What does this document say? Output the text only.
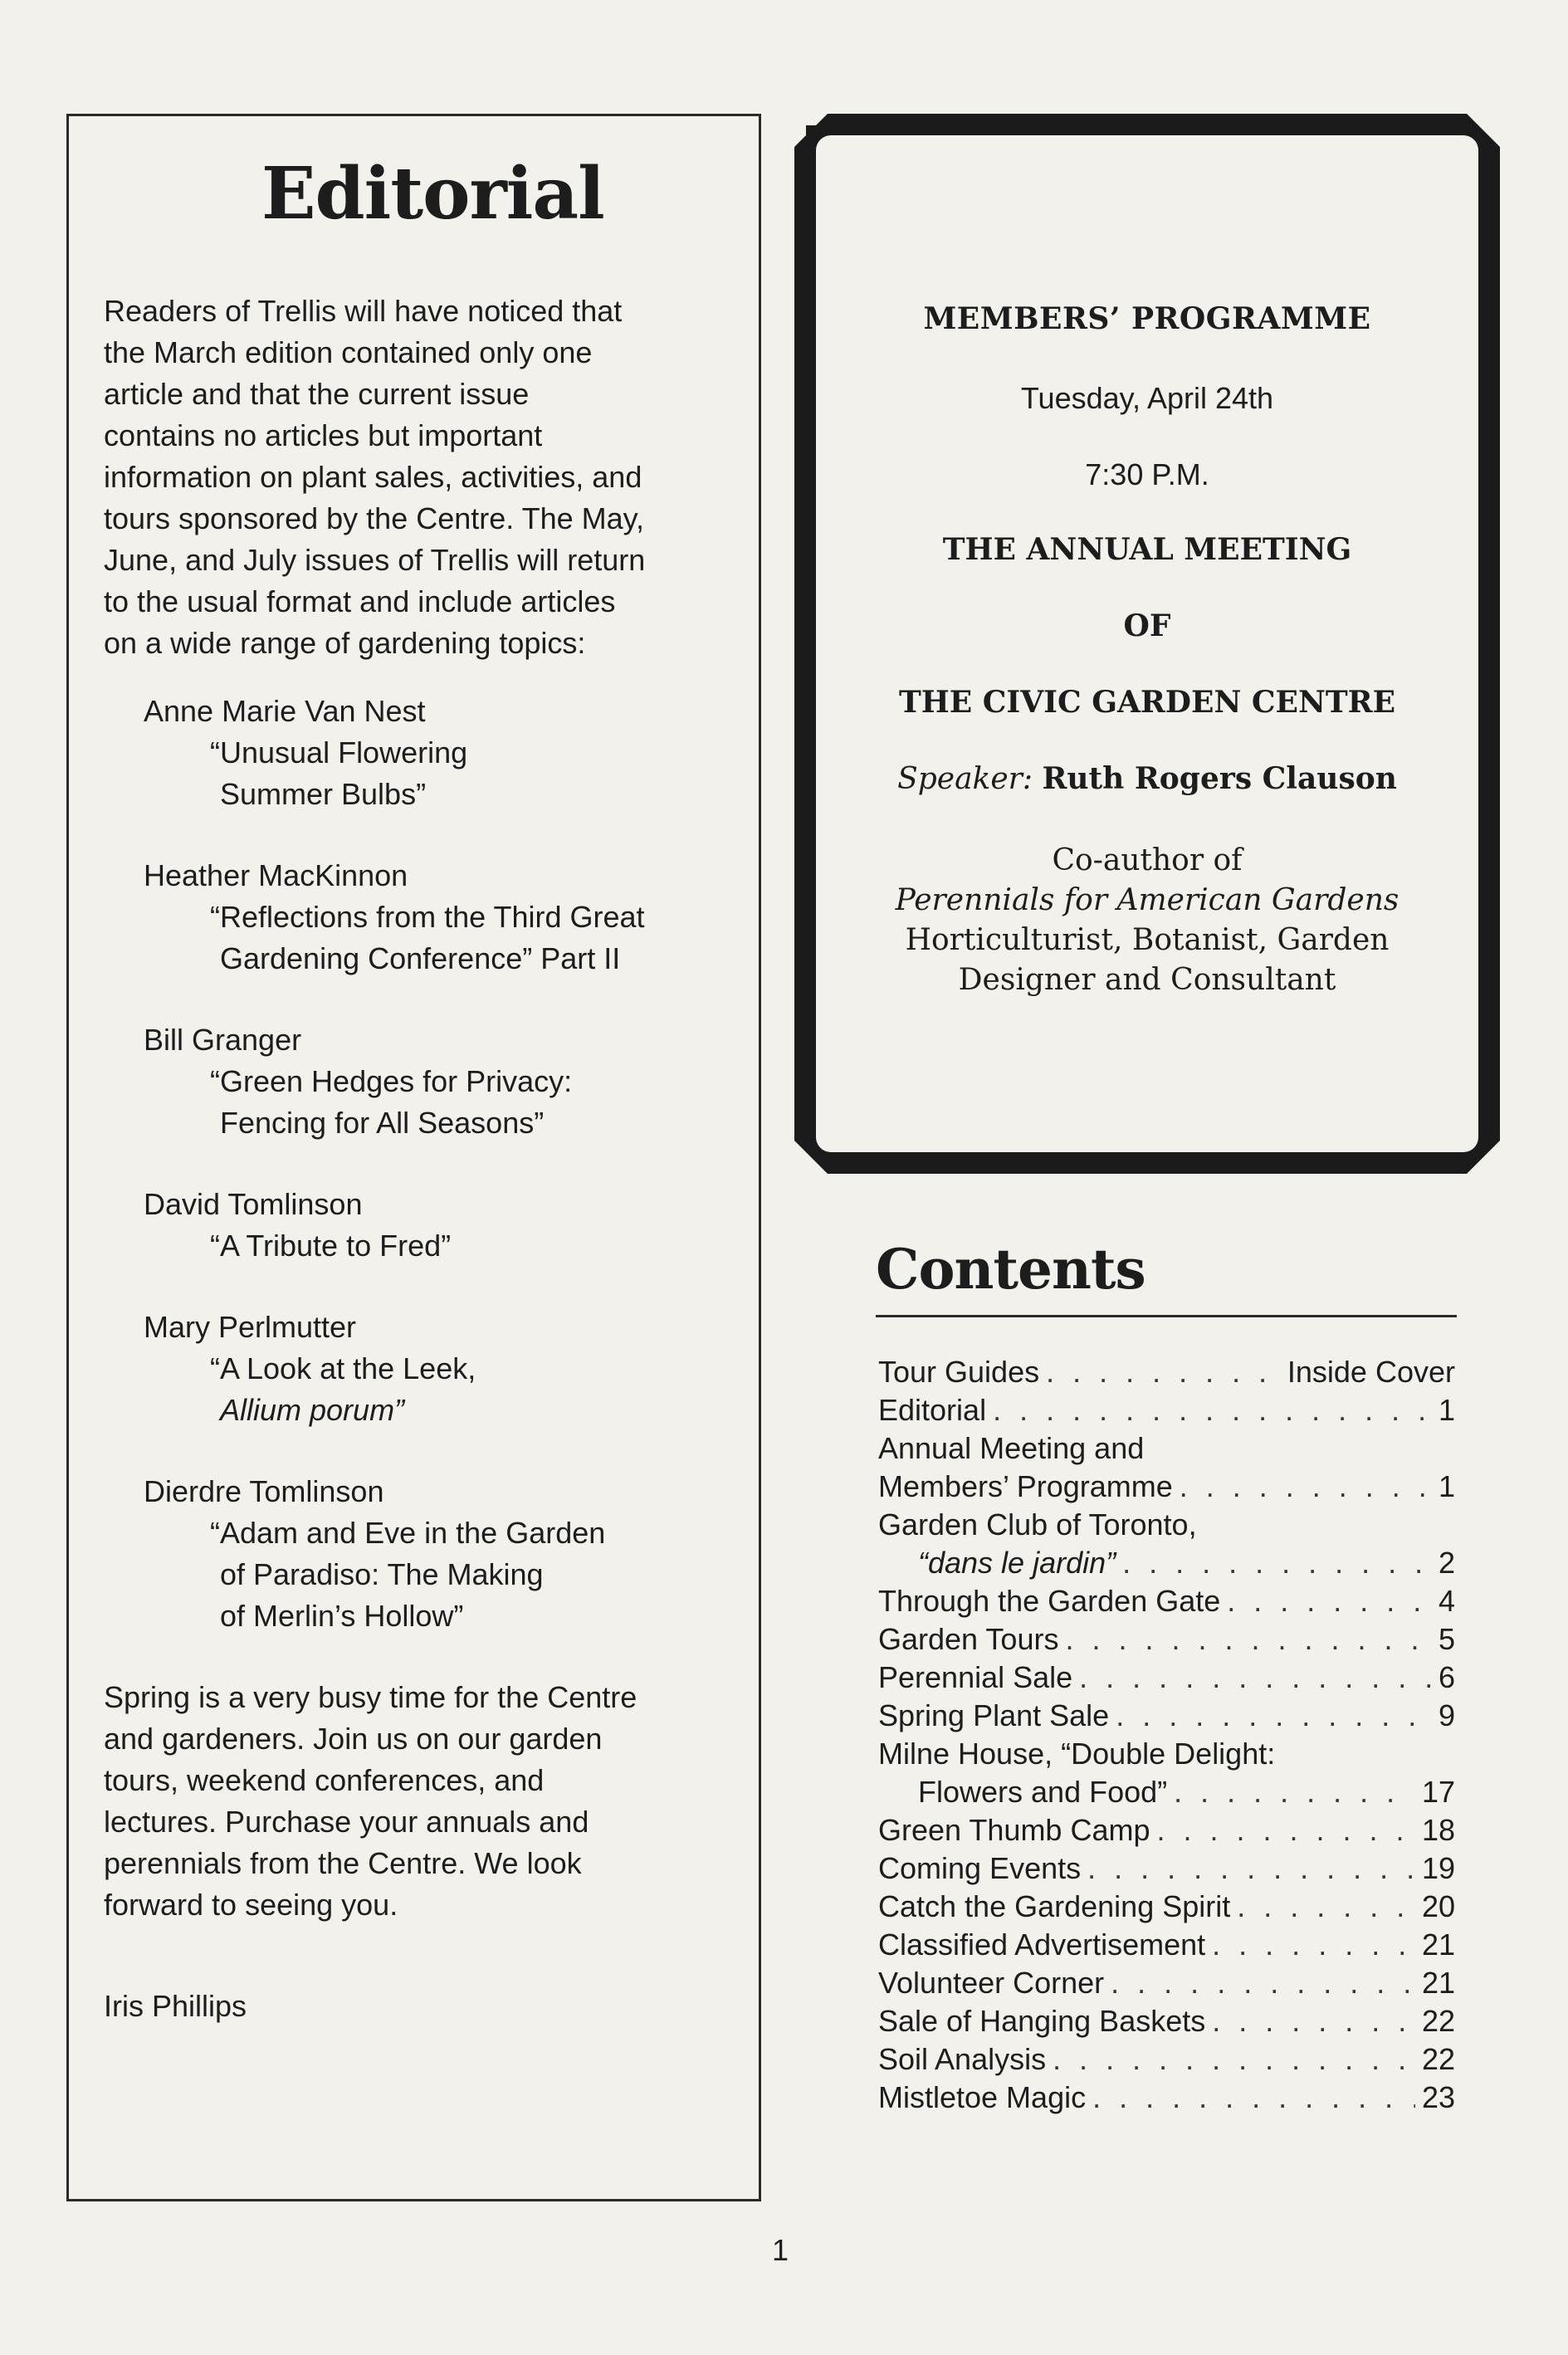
Editorial

Readers of Trellis will have noticed that
the March edition contained only one
article and that the current issue
contains no articles but important
information on plant sales, activities, and
tours sponsored by the Centre. The May,
June, and July issues of Trellis will return
to the usual format and include articles
on a wide range of gardening topics:

Anne Marie Van Nest
“Unusual Flowering
Summer Bulbs”
Heather MacKinnon
“Reflections from the Third Great
Gardening Conference” Part II
Bill Granger
“Green Hedges for Privacy:
Fencing for All Seasons”
David Tomlinson
“A Tribute to Fred”
Mary Perlmutter
“A Look at the Leek,
Allium porum”
Dierdre Tomlinson
“Adam and Eve in the Garden
of Paradiso: The Making
of Merlin’s Hollow”

Spring is a very busy time for the Centre
and gardeners. Join us on our garden
tours, weekend conferences, and
lectures. Purchase your annuals and
perennials from the Centre. We look
forward to seeing you.

Iris Phillips
MEMBERS’ PROGRAMME
Tuesday, April 24th
7:30 P.M.
THE ANNUAL MEETING
OF
THE CIVIC GARDEN CENTRE
Speaker: Ruth Rogers Clauson
Co-author of
Perennials for American Gardens
Horticulturist, Botanist, Garden
Designer and Consultant
Contents
Tour Guides . . .	Inside Cover
Editorial . . .	1
Annual Meeting and
Members’ Programme . . .	1
Garden Club of Toronto,
“dans le jardin” . . .	2
Through the Garden Gate . . .	4
Garden Tours . . .	5
Perennial Sale . . .	6
Spring Plant Sale . . .	9
Milne House, “Double Delight:
Flowers and Food” . . .	17
Green Thumb Camp . . .	18
Coming Events . . .	19
Catch the Gardening Spirit . . .	20
Classified Advertisement . . .	21
Volunteer Corner . . .	21
Sale of Hanging Baskets . . .	22
Soil Analysis . . .	22
Mistletoe Magic . . .	23
1
